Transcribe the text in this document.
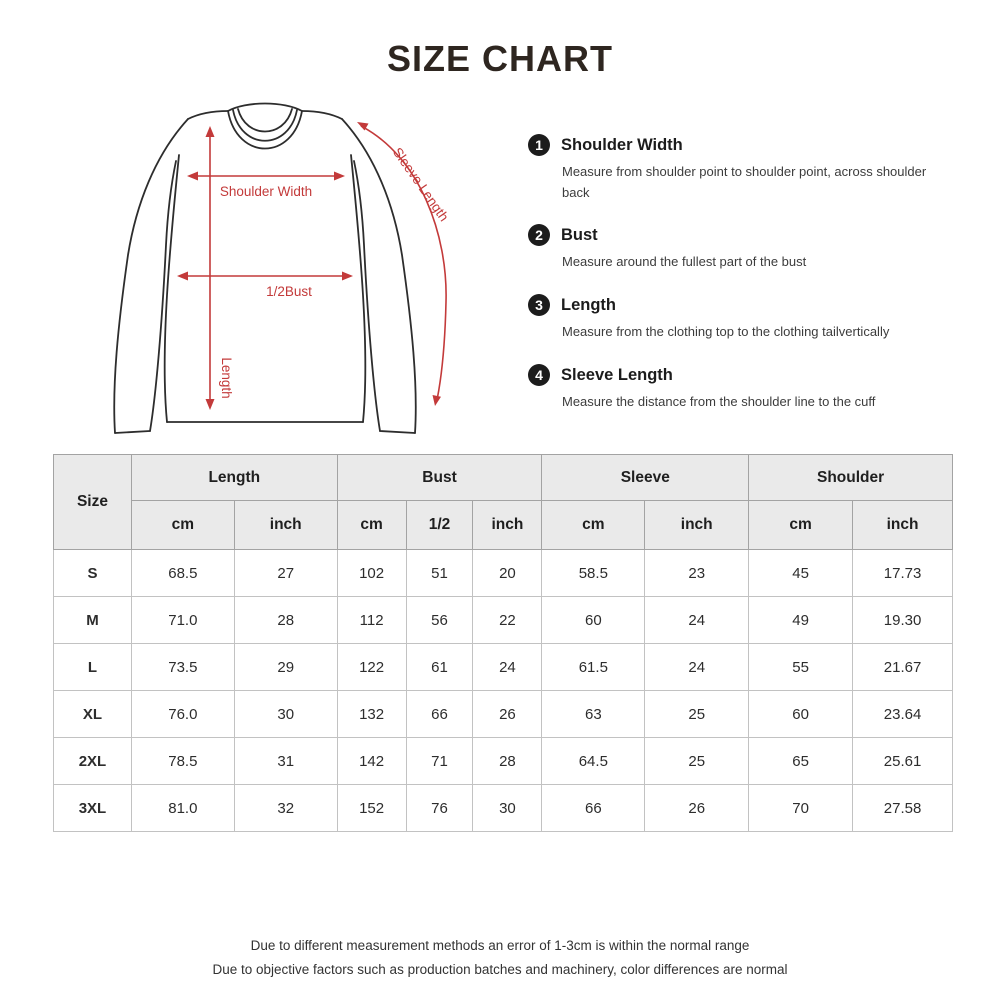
SIZE CHART
Shoulder Width
1/2Bust
Length
Sleeve Length	1	Shoulder Width
Measure from shoulder point to shoulder point, across shoulder back
2	Bust
Measure around the fullest part of the bust
3	Length
Measure from the clothing top to the clothing tailvertically
4	Sleeve Length
Measure the distance from the shoulder line to the cuff
Size	Length		Bust			Sleeve		Shoulder	
	cm	inch	cm	1/2	inch	cm	inch	cm	inch
S	68.5	27	102	51	20	58.5	23	45	17.73
M	71.0	28	112	56	22	60	24	49	19.30
L	73.5	29	122	61	24	61.5	24	55	21.67
XL	76.0	30	132	66	26	63	25	60	23.64
2XL	78.5	31	142	71	28	64.5	25	65	25.61
3XL	81.0	32	152	76	30	66	26	70	27.58
Due to different measurement methods an error of 1-3cm is within the normal range
Due to objective factors such as production batches and machinery, color differences are normal
